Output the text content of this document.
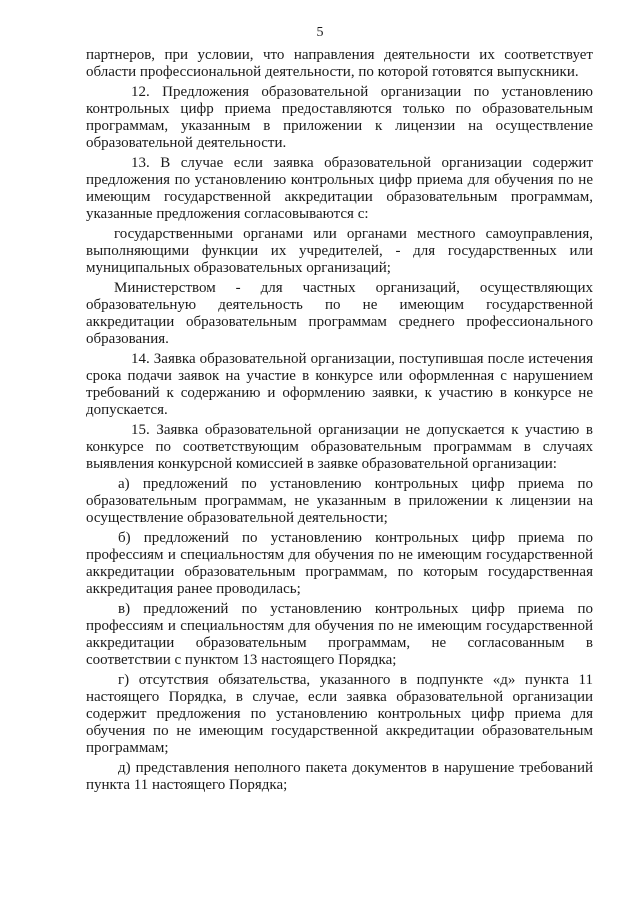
5

партнеров, при условии, что направления деятельности их соответствует области профессиональной деятельности, по которой готовятся выпускники.

12. Предложения образовательной организации по установлению контрольных цифр приема предоставляются только по образовательным программам, указанным в приложении к лицензии на осуществление образовательной деятельности.

13. В случае если заявка образовательной организации содержит предложения по установлению контрольных цифр приема для обучения по не имеющим государственной аккредитации образовательным программам, указанные предложения согласовываются с:

государственными органами или органами местного самоуправления, выполняющими функции их учредителей, - для государственных или муниципальных образовательных организаций;

Министерством - для частных организаций, осуществляющих образовательную деятельность по не имеющим государственной аккредитации образовательным программам среднего профессионального образования.

14. Заявка образовательной организации, поступившая после истечения срока подачи заявок на участие в конкурсе или оформленная с нарушением требований к содержанию и оформлению заявки, к участию в конкурсе не допускается.

15. Заявка образовательной организации не допускается к участию в конкурсе по соответствующим образовательным программам в случаях выявления конкурсной комиссией в заявке образовательной организации:

а) предложений по установлению контрольных цифр приема по образовательным программам, не указанным в приложении к лицензии на осуществление образовательной деятельности;

б) предложений по установлению контрольных цифр приема по профессиям и специальностям для обучения по не имеющим государственной аккредитации образовательным программам, по которым государственная аккредитация ранее проводилась;

в) предложений по установлению контрольных цифр приема по профессиям и специальностям для обучения по не имеющим государственной аккредитации образовательным программам, не согласованным в соответствии с пунктом 13 настоящего Порядка;

г) отсутствия обязательства, указанного в подпункте «д» пункта 11 настоящего Порядка, в случае, если заявка образовательной организации содержит предложения по установлению контрольных цифр приема для обучения по не имеющим государственной аккредитации образовательным программам;

д) представления неполного пакета документов в нарушение требований пункта 11 настоящего Порядка;
